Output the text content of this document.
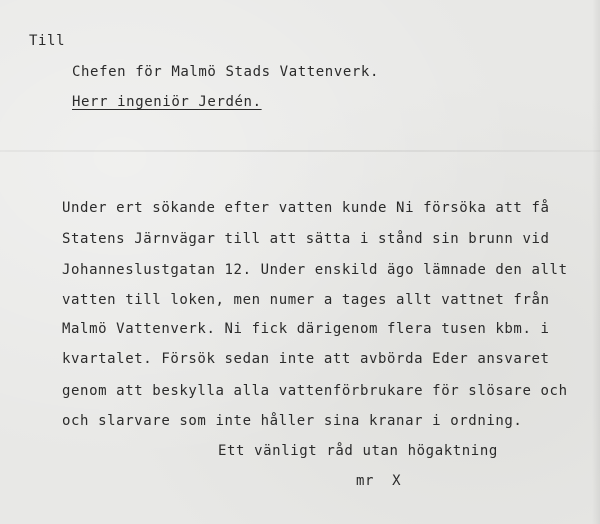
Till
Chefen för Malmö Stads Vattenverk.
Herr ingeniör Jerdén.
Under ert sökande efter vatten kunde Ni försöka att få
Statens Järnvägar till att sätta i stånd sin brunn vid
Johanneslustgatan 12. Under enskild ägo lämnade den allt
vatten till loken, men numer a tages allt vattnet från
Malmö Vattenverk. Ni fick därigenom flera tusen kbm. i
kvartalet. Försök sedan inte att avbörda Eder ansvaret
genom att beskylla alla vattenförbrukare för slösare och
och slarvare som inte håller sina kranar i ordning.
Ett vänligt råd utan högaktning
mr  X
